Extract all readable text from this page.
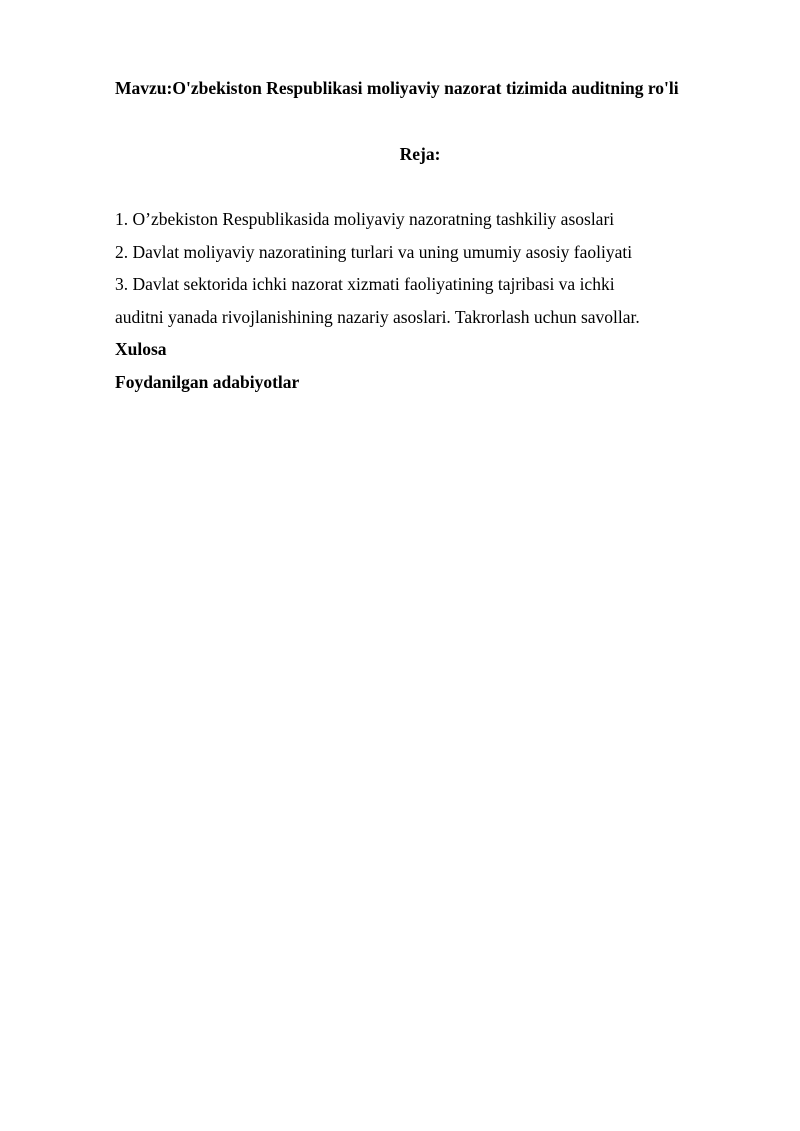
Mavzu:O'zbekiston Respublikasi moliyaviy nazorat tizimida auditning ro'li
Reja:
1. O’zbekiston Respublikasida moliyaviy nazoratning tashkiliy asoslari
2. Davlat moliyaviy nazoratining turlari va uning umumiy asosiy faoliyati
3. Davlat sektorida ichki nazorat xizmati faoliyatining tajribasi va ichki auditni yanada rivojlanishining nazariy asoslari. Takrorlash uchun savollar.
Xulosa
Foydanilgan adabiyotlar
